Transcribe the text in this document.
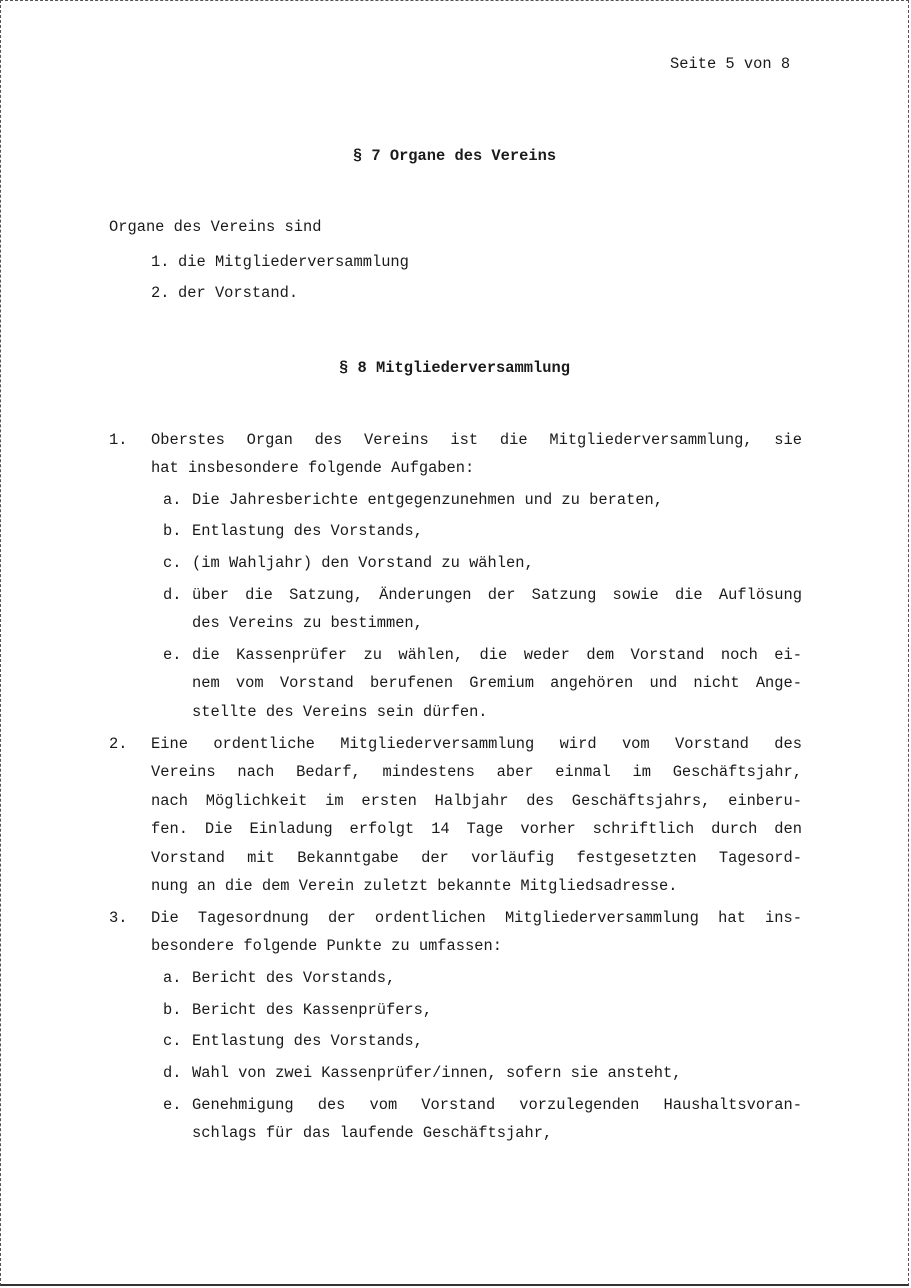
Seite 5 von 8
§ 7 Organe des Vereins
Organe des Vereins sind
1. die Mitgliederversammlung
2. der Vorstand.
§ 8 Mitgliederversammlung
1. Oberstes Organ des Vereins ist die Mitgliederversammlung, sie
hat insbesondere folgende Aufgaben:
a. Die Jahresberichte entgegenzunehmen und zu beraten,
b. Entlastung des Vorstands,
c. (im Wahljahr) den Vorstand zu wählen,
d. über die Satzung, Änderungen der Satzung sowie die Auflösung
des Vereins zu bestimmen,
e. die Kassenprüfer zu wählen, die weder dem Vorstand noch ei-
nem vom Vorstand berufenen Gremium angehören und nicht Ange-
stellte des Vereins sein dürfen.
2. Eine ordentliche Mitgliederversammlung wird vom Vorstand des
Vereins nach Bedarf, mindestens aber einmal im Geschäftsjahr,
nach Möglichkeit im ersten Halbjahr des Geschäftsjahrs, einberu-
fen. Die Einladung erfolgt 14 Tage vorher schriftlich durch den
Vorstand mit Bekanntgabe der vorläufig festgesetzten Tagesord-
nung an die dem Verein zuletzt bekannte Mitgliedsadresse.
3. Die Tagesordnung der ordentlichen Mitgliederversammlung hat ins-
besondere folgende Punkte zu umfassen:
a. Bericht des Vorstands,
b. Bericht des Kassenprüfers,
c. Entlastung des Vorstands,
d. Wahl von zwei Kassenprüfer/innen, sofern sie ansteht,
e. Genehmigung des vom Vorstand vorzulegenden Haushaltsvoran-
schlags für das laufende Geschäftsjahr,
